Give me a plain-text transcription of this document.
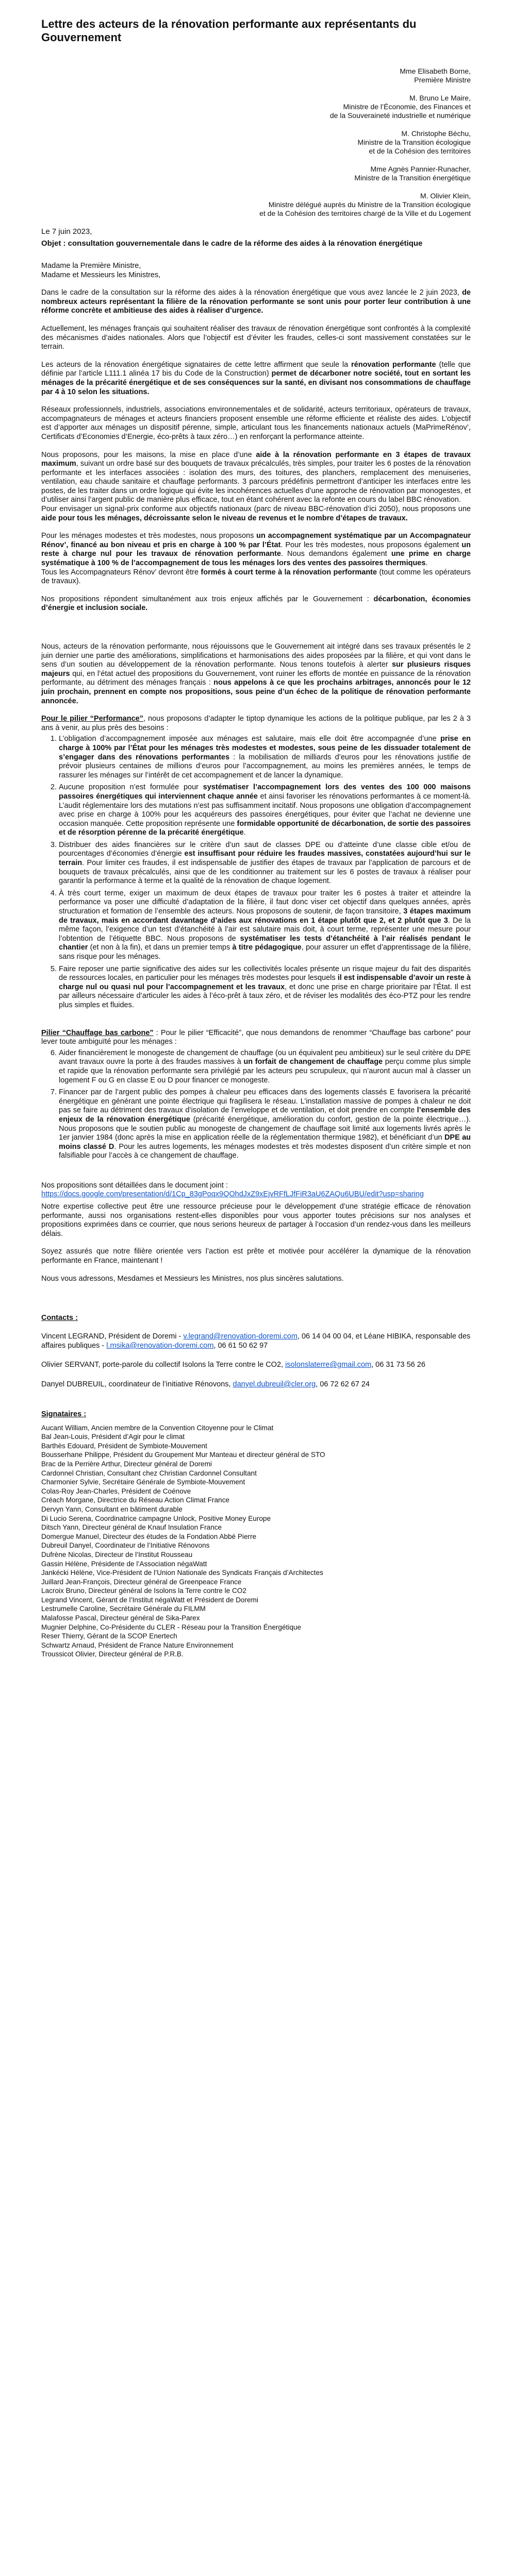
Lettre des acteurs de la rénovation performante aux représentants du Gouvernement
Mme Elisabeth Borne,
Première Ministre
M. Bruno Le Maire,
Ministre de l’Économie, des Finances et
de la Souveraineté industrielle et numérique
M. Christophe Béchu,
Ministre de la Transition écologique
et de la Cohésion des territoires
Mme Agnès Pannier-Runacher,
Ministre de la Transition énergétique
M. Olivier Klein,
Ministre délégué auprès du Ministre de la Transition écologique
et de la Cohésion des territoires chargé de la Ville et du Logement
Le 7 juin 2023,
Objet : consultation gouvernementale dans le cadre de la réforme des aides à la rénovation énergétique

Madame la Première Ministre,
Madame et Messieurs les Ministres,

Dans le cadre de la consultation sur la réforme des aides à la rénovation énergétique que vous avez lancée le 2 juin 2023, de nombreux acteurs représentant la filière de la rénovation performante se sont unis pour porter leur contribution à une réforme concrète et ambitieuse des aides à réaliser d’urgence.

Actuellement, les ménages français qui souhaitent réaliser des travaux de rénovation énergétique sont confrontés à la complexité des mécanismes d’aides nationales. Alors que l’objectif est d’éviter les fraudes, celles-ci sont massivement constatées sur le terrain.

Les acteurs de la rénovation énergétique signataires de cette lettre affirment que seule la rénovation performante (telle que définie par l’article L111.1 alinéa 17 bis du Code de la Construction) permet de décarboner notre société, tout en sortant les ménages de la précarité énergétique et de ses conséquences sur la santé, en divisant nos consommations de chauffage par 4 à 10 selon les situations.

Réseaux professionnels, industriels, associations environnementales et de solidarité, acteurs territoriaux, opérateurs de travaux, accompagnateurs de ménages et acteurs financiers proposent ensemble une réforme efficiente et réaliste des aides. L’objectif est d’apporter aux ménages un dispositif pérenne, simple, articulant tous les financements nationaux actuels (MaPrimeRénov’, Certificats d’Economies d’Energie, éco-prêts à taux zéro…) en renforçant la performance atteinte.

Nous proposons, pour les maisons, la mise en place d’une aide à la rénovation performante en 3 étapes de travaux maximum, suivant un ordre basé sur des bouquets de travaux précalculés, très simples, pour traiter les 6 postes de la rénovation performante et les interfaces associées : isolation des murs, des toitures, des planchers, remplacement des menuiseries, ventilation, eau chaude sanitaire et chauffage performants. 3 parcours prédéfinis permettront d’anticiper les interfaces entre les postes, de les traiter dans un ordre logique qui évite les incohérences actuelles d’une approche de rénovation par monogestes, et d’utiliser ainsi l’argent public de manière plus efficace, tout en étant cohérent avec la refonte en cours du label BBC rénovation.
Pour envisager un signal-prix conforme aux objectifs nationaux (parc de niveau BBC-rénovation d’ici 2050), nous proposons une aide pour tous les ménages, décroissante selon le niveau de revenus et le nombre d’étapes de travaux.

Pour les ménages modestes et très modestes, nous proposons un accompagnement systématique par un Accompagnateur Rénov’, financé au bon niveau et pris en charge à 100 % par l’État. Pour les très modestes, nous proposons également un reste à charge nul pour les travaux de rénovation performante. Nous demandons également une prime en charge systématique à 100 % de l’accompagnement de tous les ménages lors des ventes des passoires thermiques.
Tous les Accompagnateurs Rénov’ devront être formés à court terme à la rénovation performante (tout comme les opérateurs de travaux).

Nos propositions répondent simultanément aux trois enjeux affichés par le Gouvernement : décarbonation, économies d’énergie et inclusion sociale.

Nous, acteurs de la rénovation performante, nous réjouissons que le Gouvernement ait intégré dans ses travaux présentés le 2 juin dernier une partie des améliorations, simplifications et harmonisations des aides proposées par la filière, et qui vont dans le sens d’un soutien au développement de la rénovation performante. Nous tenons toutefois à alerter sur plusieurs risques majeurs qui, en l’état actuel des propositions du Gouvernement, vont ruiner les efforts de montée en puissance de la rénovation performante, au détriment des ménages français : nous appelons à ce que les prochains arbitrages, annoncés pour le 12 juin prochain, prennent en compte nos propositions, sous peine d’un échec de la politique de rénovation performante annoncée.

Pour le pilier “Performance”, nous proposons d’adapter le tiptop dynamique les actions de la politique publique, par les 2 à 3 ans à venir, au plus près des besoins :

1. L’obligation d’accompagnement imposée aux ménages est salutaire, mais elle doit être accompagnée d’une prise en charge à 100% par l’État pour les ménages très modestes et modestes, sous peine de les dissuader totalement de s’engager dans des rénovations performantes : la mobilisation de milliards d’euros pour les rénovations justifie de prévoir plusieurs centaines de millions d’euros pour l’accompagnement, au moins les premières années, le temps de rassurer les ménages sur l’intérêt de cet accompagnement et de lancer la dynamique.
2. Aucune proposition n’est formulée pour systématiser l’accompagnement lors des ventes des 100 000 maisons passoires énergétiques qui interviennent chaque année et ainsi favoriser les rénovations performantes à ce moment-là. L’audit réglementaire lors des mutations n’est pas suffisamment incitatif. Nous proposons une obligation d’accompagnement avec prise en charge à 100% pour les acquéreurs des passoires énergétiques, pour éviter que l’achat ne devienne une occasion manquée. Cette proposition représente une formidable opportunité de décarbonation, de sortie des passoires et de résorption pérenne de la précarité énergétique.
3. Distribuer des aides financières sur le critère d’un saut de classes DPE ou d’atteinte d’une classe cible et/ou de pourcentages d’économies d’énergie est insuffisant pour réduire les fraudes massives, constatées aujourd’hui sur le terrain. Pour limiter ces fraudes, il est indispensable de justifier des étapes de travaux par l’application de parcours et de bouquets de travaux précalculés, ainsi que de les conditionner au traitement sur les 6 postes de travaux à réaliser pour garantir la performance à terme et la qualité de la rénovation de chaque logement.
4. À très court terme, exiger un maximum de deux étapes de travaux pour traiter les 6 postes à traiter et atteindre la performance va poser une difficulté d’adaptation de la filière, il faut donc viser cet objectif dans quelques années, après structuration et formation de l’ensemble des acteurs. Nous proposons de soutenir, de façon transitoire, 3 étapes maximum de travaux, mais en accordant davantage d’aides aux rénovations en 1 étape plutôt que 2, et 2 plutôt que 3. De la même façon, l’exigence d’un test d’étanchéité à l’air est salutaire mais doit, à court terme, représenter une mesure pour l’obtention de l’étiquette BBC. Nous proposons de systématiser les tests d’étanchéité à l’air réalisés pendant le chantier (et non à la fin), et dans un premier temps à titre pédagogique, pour assurer un effet d’apprentissage de la filière, sans risque pour les ménages.
5. Faire reposer une partie significative des aides sur les collectivités locales présente un risque majeur du fait des disparités de ressources locales, en particulier pour les ménages très modestes pour lesquels il est indispensable d’avoir un reste à charge nul ou quasi nul pour l’accompagnement et les travaux, et donc une prise en charge prioritaire par l’État. Il est par ailleurs nécessaire d’articuler les aides à l’éco-prêt à taux zéro, et de réviser les modalités des éco-PTZ pour les rendre plus simples et fluides.

Pilier “Chauffage bas carbone” : Pour le pilier “Efficacité”, que nous demandons de renommer “Chauffage bas carbone” pour lever toute ambiguïté pour les ménages :

6. Aider financièrement le monogeste de changement de chauffage (ou un équivalent peu ambitieux) sur le seul critère du DPE avant travaux ouvre la porte à des fraudes massives à un forfait de changement de chauffage perçu comme plus simple et rapide que la rénovation performante sera privilégié par les acteurs peu scrupuleux, qui n’auront aucun mal à classer un logement F ou G en classe E ou D pour financer ce monogeste.
7. Financer par de l’argent public des pompes à chaleur peu efficaces dans des logements classés E favorisera la précarité énergétique en générant une pointe électrique qui fragilisera le réseau. L’installation massive de pompes à chaleur ne doit pas se faire au détriment des travaux d’isolation de l’enveloppe et de ventilation, et doit prendre en compte l’ensemble des enjeux de la rénovation énergétique (précarité énergétique, amélioration du confort, gestion de la pointe électrique…). Nous proposons que le soutien public au monogeste de changement de chauffage soit limité aux logements livrés après le 1er janvier 1984 (donc après la mise en application réelle de la réglementation thermique 1982), et bénéficiant d’un DPE au moins classé D. Pour les autres logements, les ménages modestes et très modestes disposent d’un critère simple et non falsifiable pour l’accès à ce changement de chauffage.

Nos propositions sont détaillées dans le document joint :
https://docs.google.com/presentation/d/1Cp_83gPoqx9QOhdJxZ9xEjvRFfLJfFiR3aU6ZAQu6UBU/edit?usp=sharing

Notre expertise collective peut être une ressource précieuse pour le développement d’une stratégie efficace de rénovation performante, aussi nos organisations restent-elles disponibles pour vous apporter toutes précisions sur nos analyses et propositions exprimées dans ce courrier, que nous serions heureux de partager à l’occasion d’un rendez-vous dans les meilleurs délais.

Soyez assurés que notre filière orientée vers l’action est prête et motivée pour accélérer la dynamique de la rénovation performante en France, maintenant !

Nous vous adressons, Mesdames et Messieurs les Ministres, nos plus sincères salutations.

Contacts :
Vincent LEGRAND, Président de Doremi - v.legrand@renovation-doremi.com, 06 14 04 00 04, et Léane HIBIKA, responsable des affaires publiques - l.msika@renovation-doremi.com, 06 61 50 62 97
Olivier SERVANT, porte-parole du collectif Isolons la Terre contre le CO2, isolonslaterre@gmail.com, 06 31 73 56 26
Danyel DUBREUIL, coordinateur de l’initiative Rénovons, danyel.dubreuil@cler.org, 06 72 62 67 24
Signataires :
Aucant William, Ancien membre de la Convention Citoyenne pour le Climat
Bal Jean-Louis, Président d’Agir pour le climat
Barthès Edouard, Président de Symbiote-Mouvement
Bousserhane Philippe, Président du Groupement Mur Manteau et directeur général de STO
Brac de la Perrière Arthur, Directeur général de Doremi
Cardonnel Christian, Consultant chez Christian Cardonnel Consultant
Charmonier Sylvie, Secrétaire Générale de Symbiote-Mouvement
Colas-Roy Jean-Charles, Président de Coénove
Créach Morgane, Directrice du Réseau Action Climat France
Dervyn Yann, Consultant en bâtiment durable
Di Lucio Serena, Coordinatrice campagne Unlock, Positive Money Europe
Ditsch Yann, Directeur général de Knauf Insulation France
Domergue Manuel, Directeur des études de la Fondation Abbé Pierre
Dubreuil Danyel, Coordinateur de l’Initiative Rénovons
Dufrène Nicolas, Directeur de l’Institut Rousseau
Gassin Hélène, Présidente de l’Association négaWatt
Jankécki Hélène, Vice-Président de l’Union Nationale des Syndicats Français d’Architectes
Juillard Jean-François, Directeur général de Greenpeace France
Lacroix Bruno, Directeur général de Isolons la Terre contre le CO2
Legrand Vincent, Gérant de l’Institut négaWatt et Président de Doremi
Lestrumelle Caroline, Secrétaire Générale du FILMM
Malafosse Pascal, Directeur général de Sika-Parex
Mugnier Delphine, Co-Présidente du CLER - Réseau pour la Transition Énergétique
Reser Thierry, Gérant de la SCOP Enertech
Schwartz Arnaud, Président de France Nature Environnement
Troussicot Olivier, Directeur général de P.R.B.
